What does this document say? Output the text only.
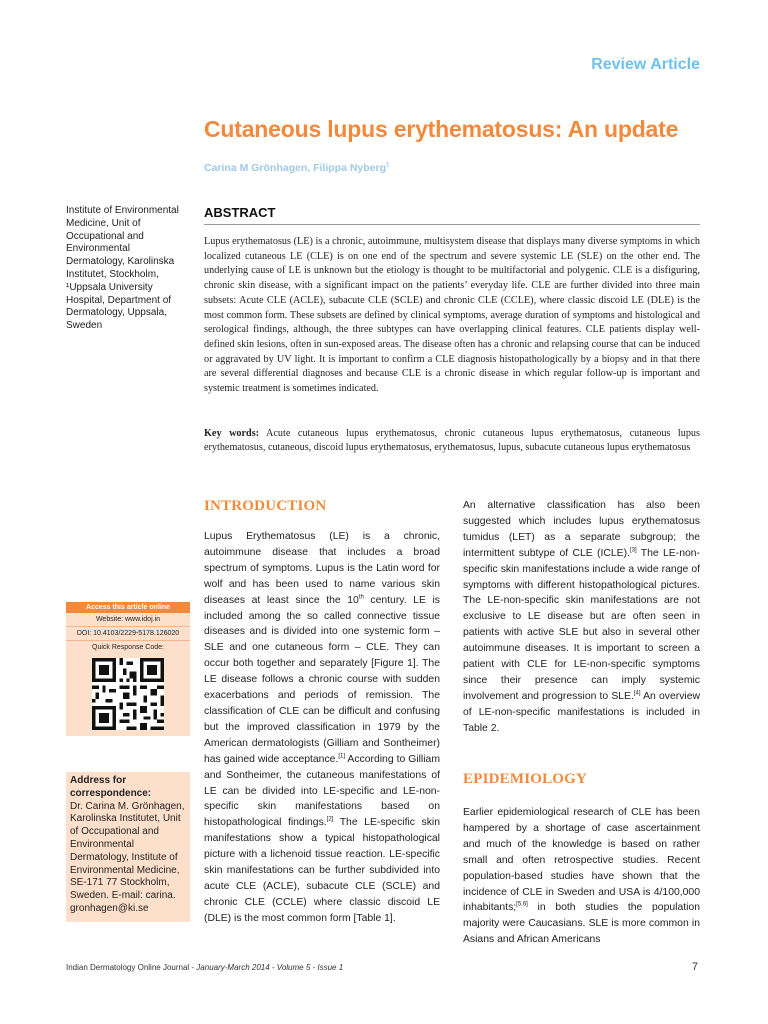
Review Article
Cutaneous lupus erythematosus: An update
Carina M Grönhagen, Filippa Nyberg$^1$
Institute of Environmental Medicine, Unit of Occupational and Environmental Dermatology, Karolinska Institutet, Stockholm, ¹Uppsala University Hospital, Department of Dermatology, Uppsala, Sweden
ABSTRACT
Lupus erythematosus (LE) is a chronic, autoimmune, multisystem disease that displays many diverse symptoms in which localized cutaneous LE (CLE) is on one end of the spectrum and severe systemic LE (SLE) on the other end. The underlying cause of LE is unknown but the etiology is thought to be multifactorial and polygenic. CLE is a disfiguring, chronic skin disease, with a significant impact on the patients’ everyday life. CLE are further divided into three main subsets: Acute CLE (ACLE), subacute CLE (SCLE) and chronic CLE (CCLE), where classic discoid LE (DLE) is the most common form. These subsets are defined by clinical symptoms, average duration of symptoms and histological and serological findings, although, the three subtypes can have overlapping clinical features. CLE patients display well-defined skin lesions, often in sun-exposed areas. The disease often has a chronic and relapsing course that can be induced or aggravated by UV light. It is important to confirm a CLE diagnosis histopathologically by a biopsy and in that there are several differential diagnoses and because CLE is a chronic disease in which regular follow-up is important and systemic treatment is sometimes indicated.
Key words: Acute cutaneous lupus erythematosus, chronic cutaneous lupus erythematosus, cutaneous lupus erythematosus, cutaneous, discoid lupus erythematosus, erythematosus, lupus, subacute cutaneous lupus erythematosus
INTRODUCTION

Lupus Erythematosus (LE) is a chronic, autoimmune disease that includes a broad spectrum of symptoms. Lupus is the Latin word for wolf and has been used to name various skin diseases at least since the 10th century. LE is included among the so called connective tissue diseases and is divided into one systemic form – SLE and one cutaneous form – CLE. They can occur both together and separately [Figure 1]. The LE disease follows a chronic course with sudden exacerbations and periods of remission. The classification of CLE can be difficult and confusing but the improved classification in 1979 by the American dermatologists (Gilliam and Sontheimer) has gained wide acceptance.[1] According to Gilliam and Sontheimer, the cutaneous manifestations of LE can be divided into LE-specific and LE-non-specific skin manifestations based on histopathological findings.[2] The LE-specific skin manifestations show a typical histopathological picture with a lichenoid tissue reaction. LE-specific skin manifestations can be further subdivided into acute CLE (ACLE), subacute CLE (SCLE) and chronic CLE (CCLE) where classic discoid LE (DLE) is the most common form [Table 1].

An alternative classification has also been suggested which includes lupus erythematosus tumidus (LET) as a separate subgroup; the intermittent subtype of CLE (ICLE).[3] The LE-non-specific skin manifestations include a wide range of symptoms with different histopathological pictures. The LE-non-specific skin manifestations are not exclusive to LE disease but are often seen in patients with active SLE but also in several other autoimmune diseases. It is important to screen a patient with CLE for LE-non-specific symptoms since their presence can imply systemic involvement and progression to SLE.[4] An overview of LE-non-specific manifestations is included in Table 2.

EPIDEMIOLOGY

Earlier epidemiological research of CLE has been hampered by a shortage of case ascertainment and much of the knowledge is based on rather small and often retrospective studies. Recent population-based studies have shown that the incidence of CLE in Sweden and USA is 4/100,000 inhabitants;[5,6] in both studies the population majority were Caucasians. SLE is more common in Asians and African Americans

Access this article online
Website: www.idoj.in
DOI: 10.4103/2229-5178.126020
Quick Response Code:
Address for correspondence:
Dr. Carina M. Grönhagen, Karolinska Institutet, Unit of Occupational and Environmental Dermatology, Institute of Environmental Medicine, SE-171 77 Stockholm, Sweden. E-mail: carina. gronhagen@ki.se
Indian Dermatology Online Journal - January-March 2014 - Volume 5 - Issue 1	7
